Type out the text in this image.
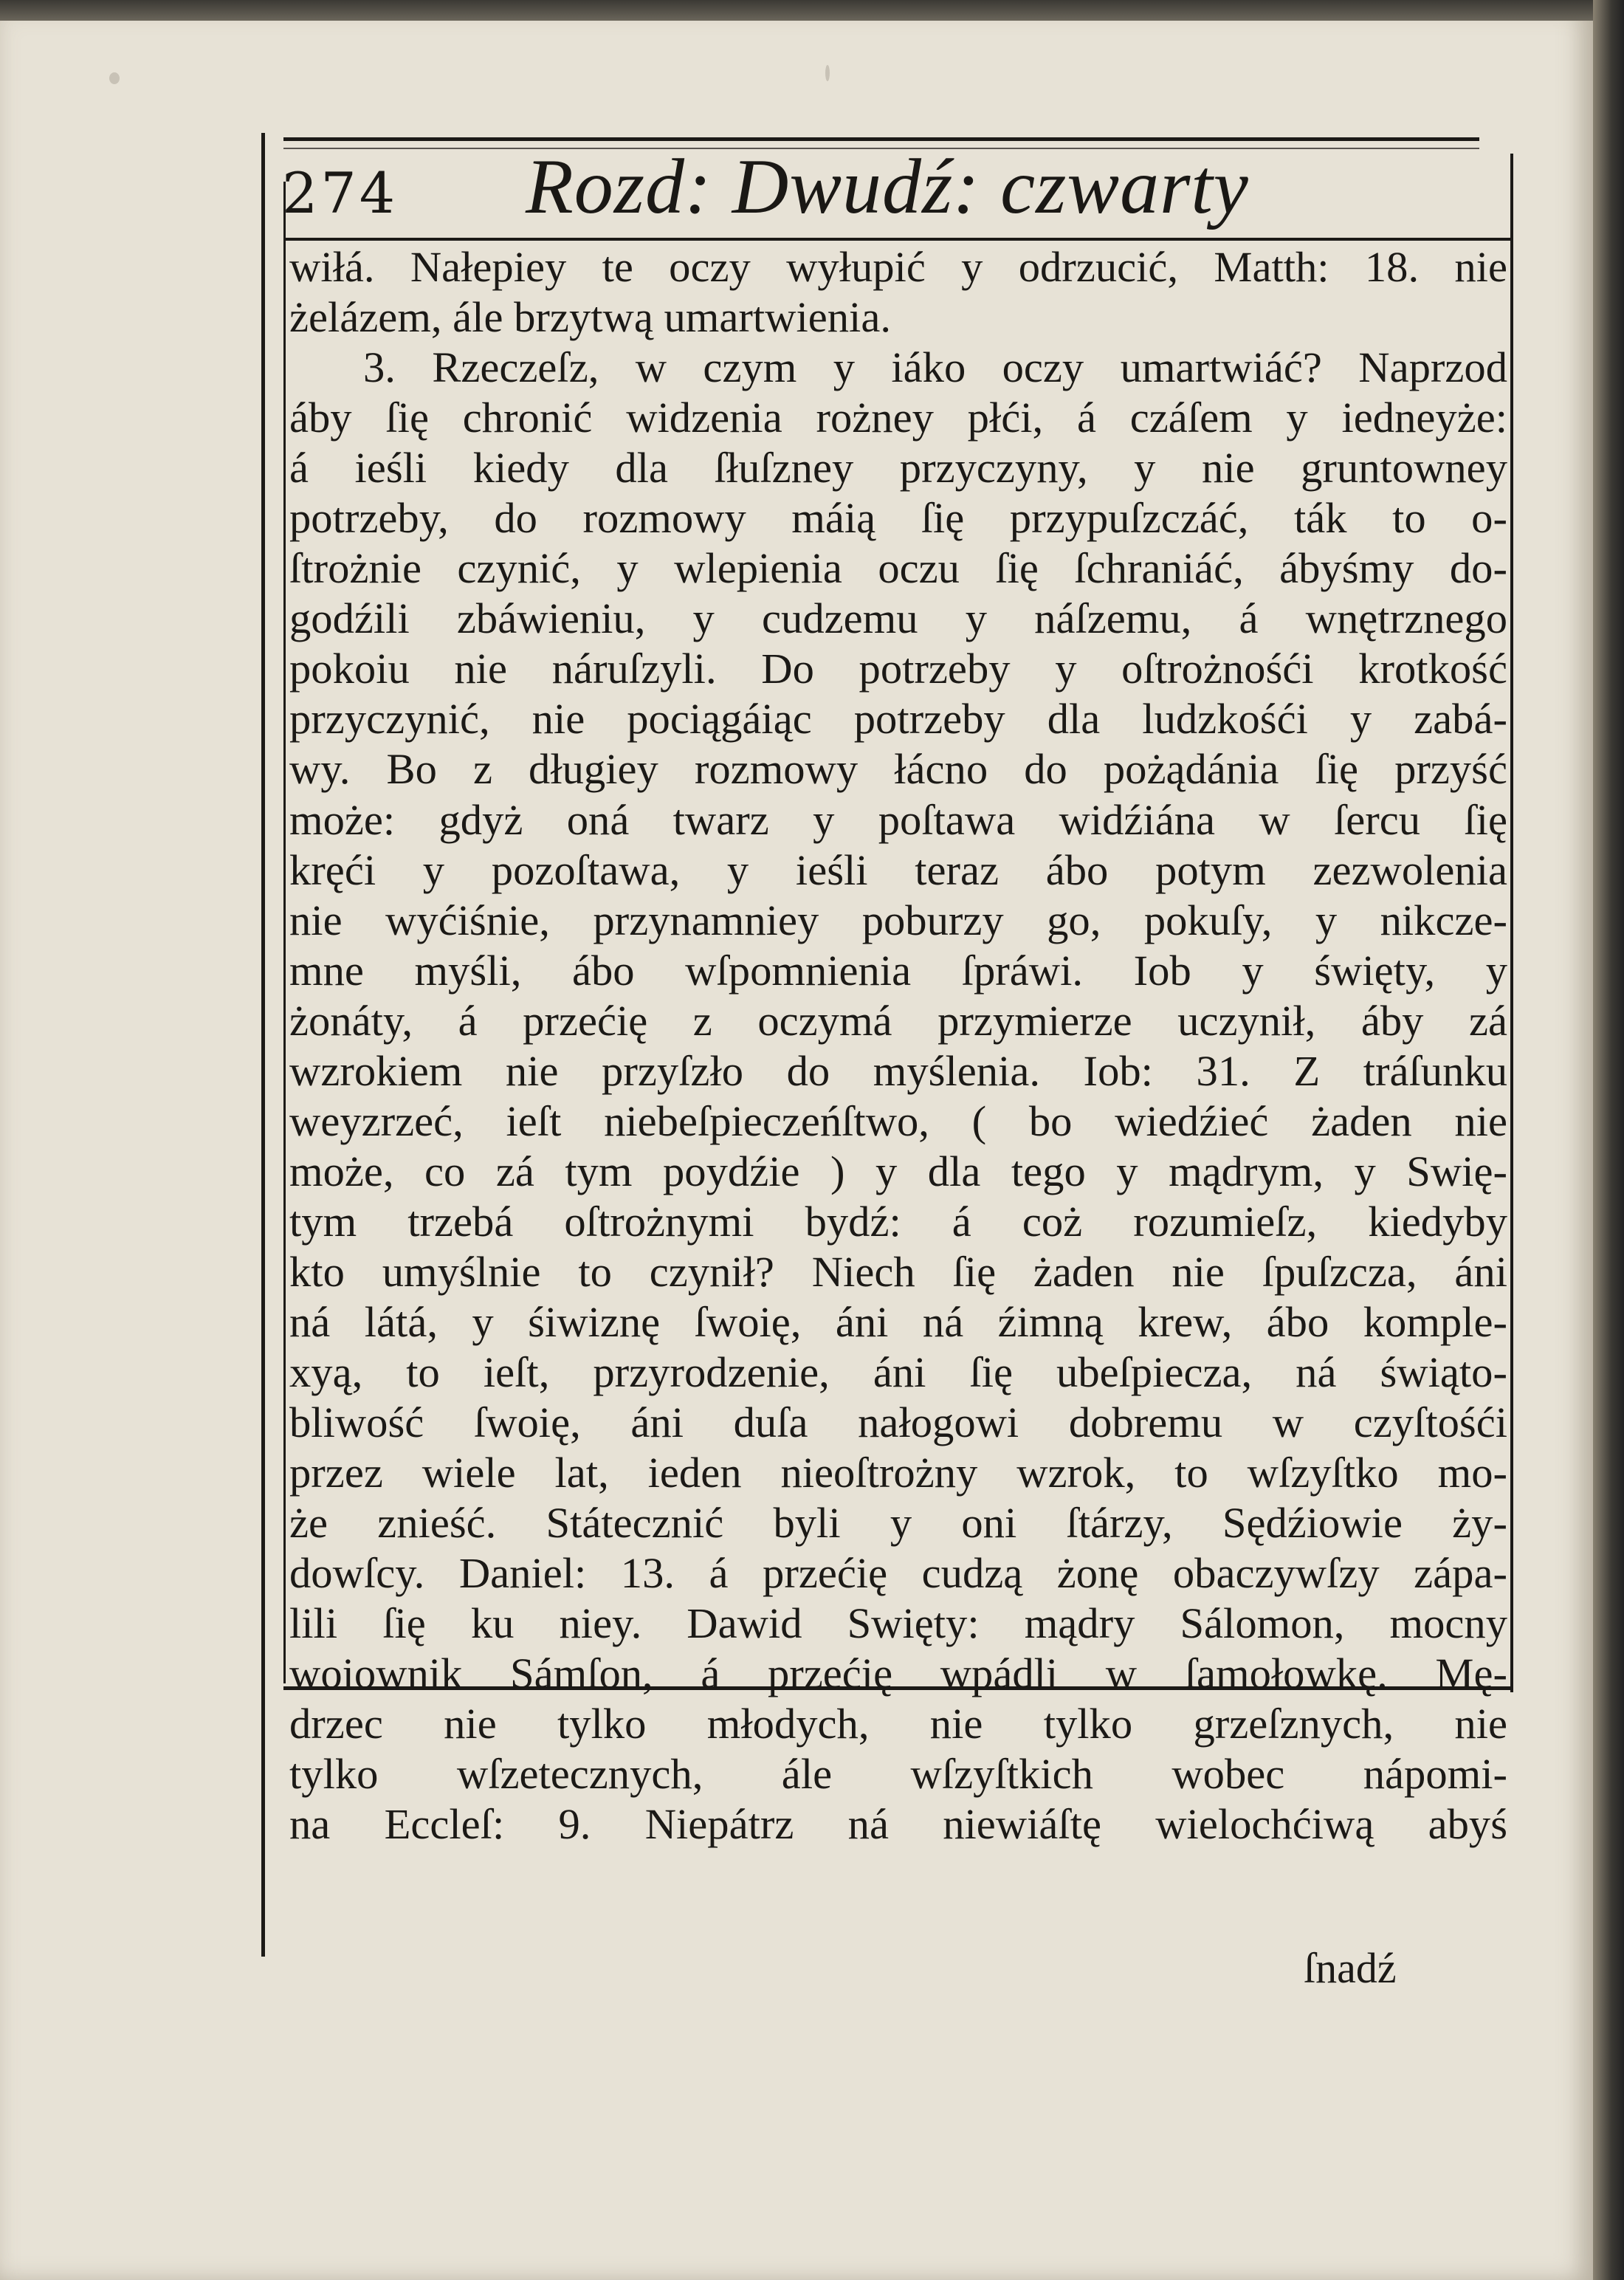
274	Rozd: Dwudź: czwarty
wiłá. Nałepiey te oczy wyłupić y odrzucić, Matth: 18. nie
żelázem, ále brzytwą umartwienia.
3. Rzeczeſz, w czym y iáko oczy umartwiáć? Naprzod
áby ſię chronić widzenia rożney płći, á czáſem y iedneyże:
á ieśli kiedy dla ſłuſzney przyczyny, y nie gruntowney
potrzeby, do rozmowy máią ſię przypuſzczáć, ták to o-
ſtrożnie czynić, y wlepienia oczu ſię ſchraniáć, ábyśmy do-
godźili zbáwieniu, y cudzemu y náſzemu, á wnętrznego
pokoiu nie náruſzyli. Do potrzeby y oſtrożnośći krotkość
przyczynić, nie pociągáiąc potrzeby dla ludzkośći y zabá-
wy. Bo z długiey rozmowy łácno do pożądánia ſię przyść
może: gdyż oná twarz y poſtawa widźiána w ſercu ſię
kręći y pozoſtawa, y ieśli teraz ábo potym zezwolenia
nie wyćiśnie, przynamniey poburzy go, pokuſy, y nikcze-
mne myśli, ábo wſpomnienia ſpráwi. Iob y święty, y
żonáty, á przećię z oczymá przymierze uczynił, áby zá
wzrokiem nie przyſzło do myślenia. Iob: 31. Z tráſunku
weyzrzeć, ieſt niebeſpieczeńſtwo, ( bo wiedźieć żaden nie
może, co zá tym poydźie ) y dla tego y mądrym, y Swię-
tym trzebá oſtrożnymi bydź: á coż rozumieſz, kiedyby
kto umyślnie to czynił? Niech ſię żaden nie ſpuſzcza, áni
ná látá, y śiwiznę ſwoię, áni ná źimną krew, ábo komple-
xyą, to ieſt, przyrodzenie, áni ſię ubeſpiecza, ná świąto-
bliwość ſwoię, áni duſa nałogowi dobremu w czyſtośći
przez wiele lat, ieden nieoſtrożny wzrok, to wſzyſtko mo-
że znieść. Státecznić byli y oni ſtárzy, Sędźiowie ży-
dowſcy. Daniel: 13. á przećię cudzą żonę obaczywſzy zápa-
lili ſię ku niey. Dawid Swięty: mądry Sálomon, mocny
woiownik Sámſon, á przećię wpádli w ſamołowkę. Mę-
drzec nie tylko młodych, nie tylko grzeſznych, nie
tylko wſzetecznych, ále wſzyſtkich wobec nápomi-
na Eccleſ: 9. Niepátrz ná niewiáſtę wielochćiwą abyś
ſnadź
